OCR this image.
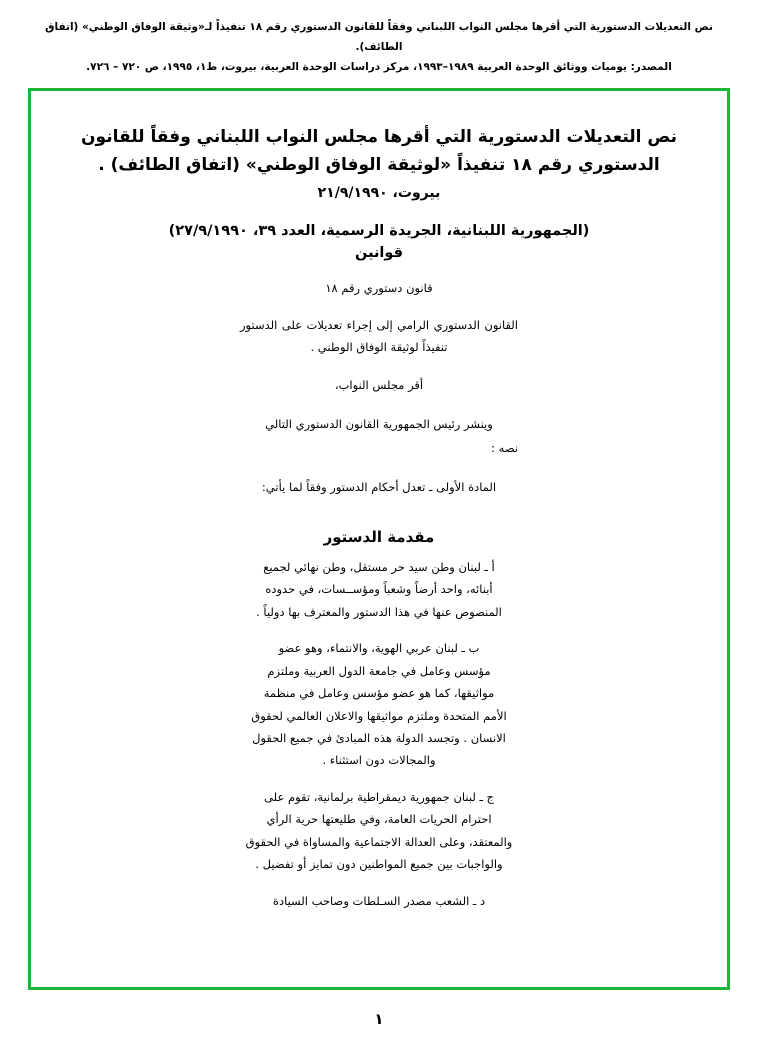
نص التعديلات الدستورية التي أقرها مجلس النواب اللبناني وفقاً للقانون الدستوري رقم ١٨ تنفيذاً لـ«وثيقة الوفاق الوطني» (اتفاق الطائف).
المصدر: يوميات ووثائق الوحدة العربية ١٩٨٩–١٩٩٣، مركز دراسات الوحدة العربية، بيروت، ط١، ١٩٩٥، ص ٧٢٠ – ٧٢٦.
نص التعديلات الدستورية التي أقرها مجلس النواب اللبناني وفقاً للقانون الدستوري رقم ١٨ تنفيذاً «لوثيقة الوفاق الوطني» (اتفاق الطائف) .
بيروت، ٢١/٩/١٩٩٠
(الجمهورية اللبنانية، الجريدة الرسمية، العدد ٣٩، ٢٧/٩/١٩٩٠)
قوانين
قانون دستوري رقم ١٨
القانون الدستوري الرامي إلى إجراء تعديلات على الدستور تنفيذاً لوثيقة الوفاق الوطني .
أقر مجلس النواب،
وينشر رئيس الجمهورية القانون الدستوري التالي
نصه :
المادة الأولى ـ تعدل أحكام الدستور وفقاً لما يأتي:
مقدمة الدستور
أ ـ لبنان وطن سيد حر مستقل، وطن نهائي لجميع
أبنائه، واحد أرضاً وشعباً ومؤســسات، في حدوده
المنصوص عنها في هذا الدستور والمعترف بها دولياً .
ب ـ لبنان عربي الهوية، والانتماء، وهو عضو
مؤسس وعامل في جامعة الدول العربية وملتزم
مواثيقها، كما هو عضو مؤسس وعامل في منظمة
الأمم المتحدة وملتزم مواثيقها والاعلان العالمي لحقوق
الانسان . وتجسد الدولة هذه المبادئ في جميع الحقول
والمجالات دون استثناء .
ج ـ لبنان جمهورية ديمقراطية برلمانية، تقوم على
احترام الحريات العامة، وفي طليعتها حرية الرأي
والمعتقد، وعلى العدالة الاجتماعية والمساواة في الحقوق
والواجبات بين جميع المواطنين دون تمايز أو تفضيل .
د ـ الشعب مصدر السـلطات وصاحب السيادة
١
